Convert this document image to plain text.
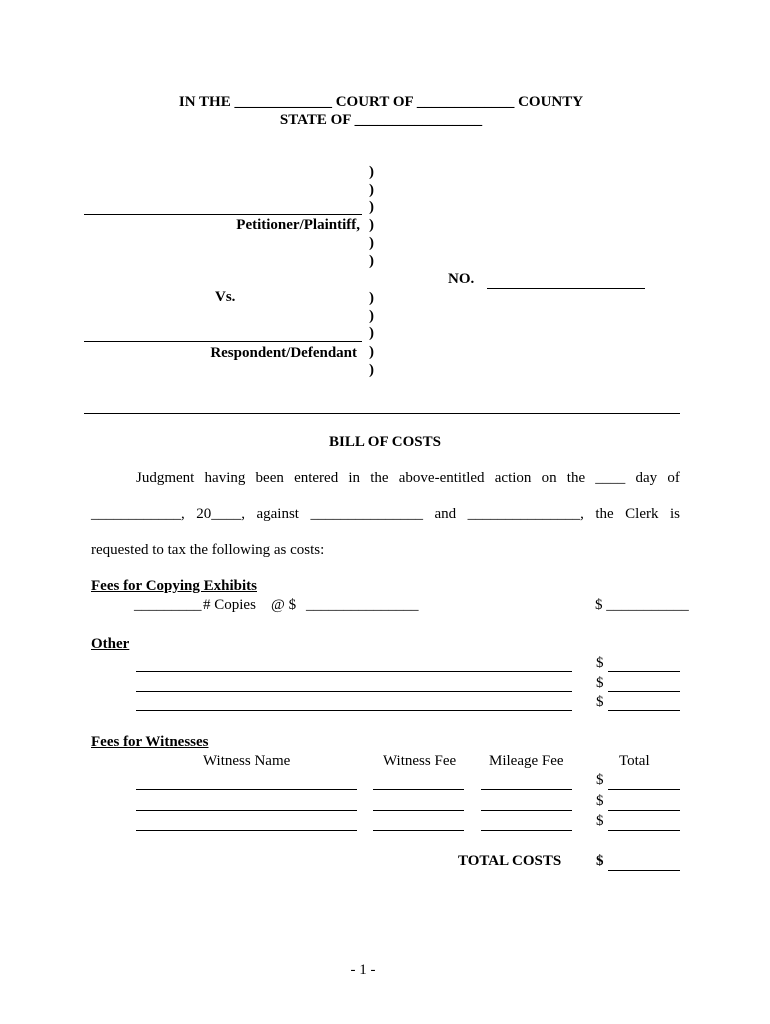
IN THE _____________ COURT OF _____________ COUNTY
STATE OF _________________
)
)
)
)
)
)
)
)
)
)
)
Petitioner/Plaintiff,
Vs.
Respondent/Defendant
NO.
BILL OF COSTS
Judgment having been entered in the above-entitled action on the ____ day of
____________, 20____, against _______________ and _______________, the Clerk is
requested to tax the following as costs:
Fees for Copying Exhibits
_________ # Copies @ $ _______________	$ ___________
Other
$
$
$
Fees for Witnesses
Witness Name	Witness Fee Mileage Fee	Total
$
$
$
TOTAL COSTS $
- 1 -
